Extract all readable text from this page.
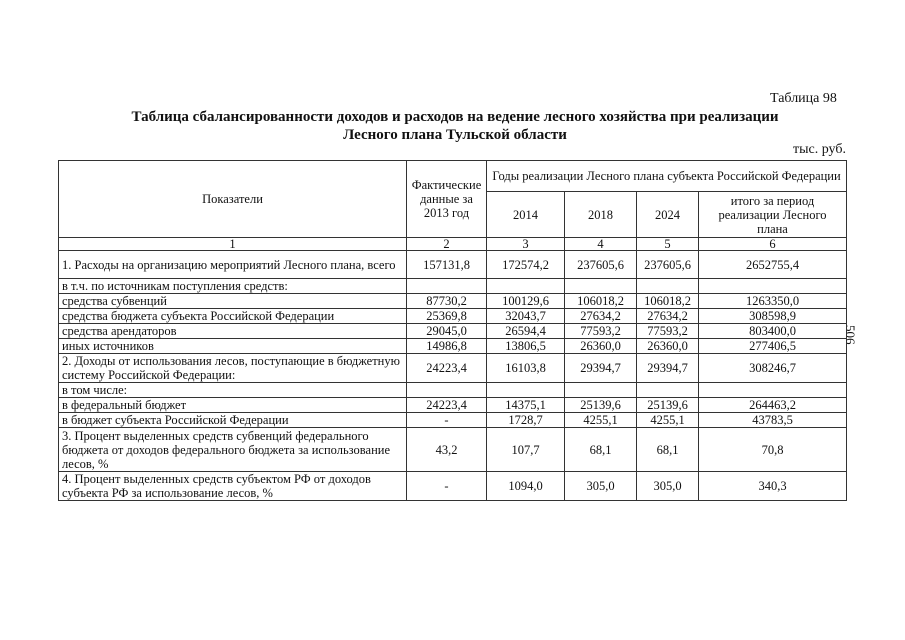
Таблица 98
Таблица сбалансированности доходов и расходов на ведение лесного хозяйства при реализации
Лесного плана Тульской области
тыс. руб.
506
Показатели	Фактические данные за 2013 год	Годы реализации Лесного плана субъекта Российской Федерации			
		2014	2018	2024	итого за период реализации Лесного плана
1	2	3	4	5	6
1. Расходы на организацию мероприятий Лесного плана, всего	157131,8	172574,2	237605,6	237605,6	2652755,4
в т.ч. по источникам поступления средств:					
средства субвенций	87730,2	100129,6	106018,2	106018,2	1263350,0
средства бюджета субъекта Российской Федерации	25369,8	32043,7	27634,2	27634,2	308598,9
средства арендаторов	29045,0	26594,4	77593,2	77593,2	803400,0
иных источников	14986,8	13806,5	26360,0	26360,0	277406,5
2. Доходы от использования лесов, поступающие в бюджетную систему Российской Федерации:	24223,4	16103,8	29394,7	29394,7	308246,7
в том числе:					
в федеральный бюджет	24223,4	14375,1	25139,6	25139,6	264463,2
в бюджет субъекта Российской Федерации	-	1728,7	4255,1	4255,1	43783,5
3. Процент выделенных средств субвенций федерального бюджета от доходов федерального бюджета за использование лесов, %	43,2	107,7	68,1	68,1	70,8
4. Процент выделенных средств субъектом РФ от доходов субъекта РФ за использование лесов, %	-	1094,0	305,0	305,0	340,3
